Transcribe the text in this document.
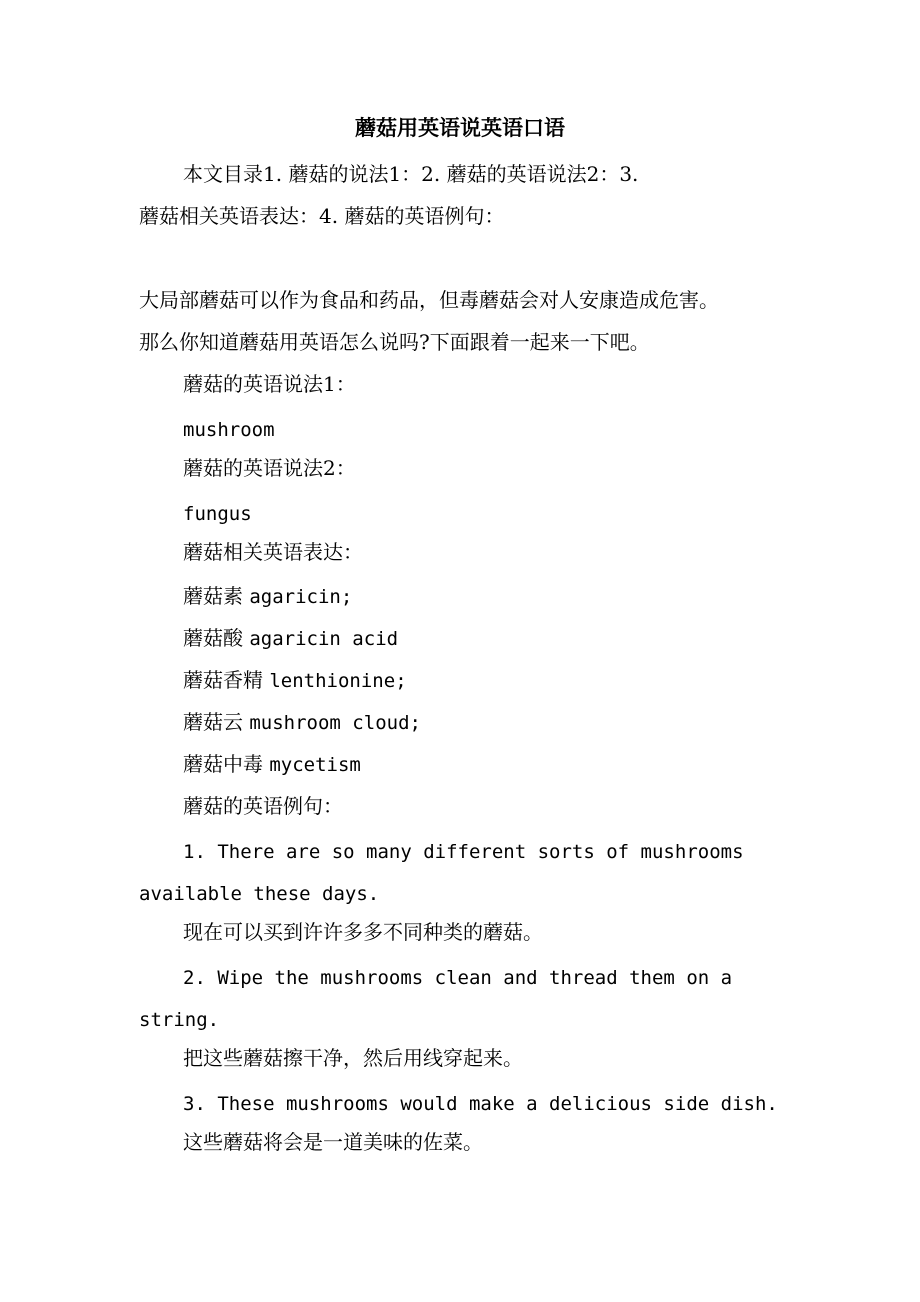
蘑菇用英语说英语口语
本文目录1. 蘑菇的说法1：2. 蘑菇的英语说法2：3.
蘑菇相关英语表达：4. 蘑菇的英语例句：
大局部蘑菇可以作为食品和药品，但毒蘑菇会对人安康造成危害。
那么你知道蘑菇用英语怎么说吗?下面跟着一起来一下吧。
蘑菇的英语说法1：
mushroom
蘑菇的英语说法2：
fungus
蘑菇相关英语表达：
蘑菇素 agaricin;
蘑菇酸 agaricin acid
蘑菇香精 lenthionine;
蘑菇云 mushroom cloud;
蘑菇中毒 mycetism
蘑菇的英语例句：
1. There are so many different sorts of mushrooms
available these days.
现在可以买到许许多多不同种类的蘑菇。
2. Wipe the mushrooms clean and thread them on a
string.
把这些蘑菇擦干净，然后用线穿起来。
3. These mushrooms would make a delicious side dish.
这些蘑菇将会是一道美味的佐菜。
